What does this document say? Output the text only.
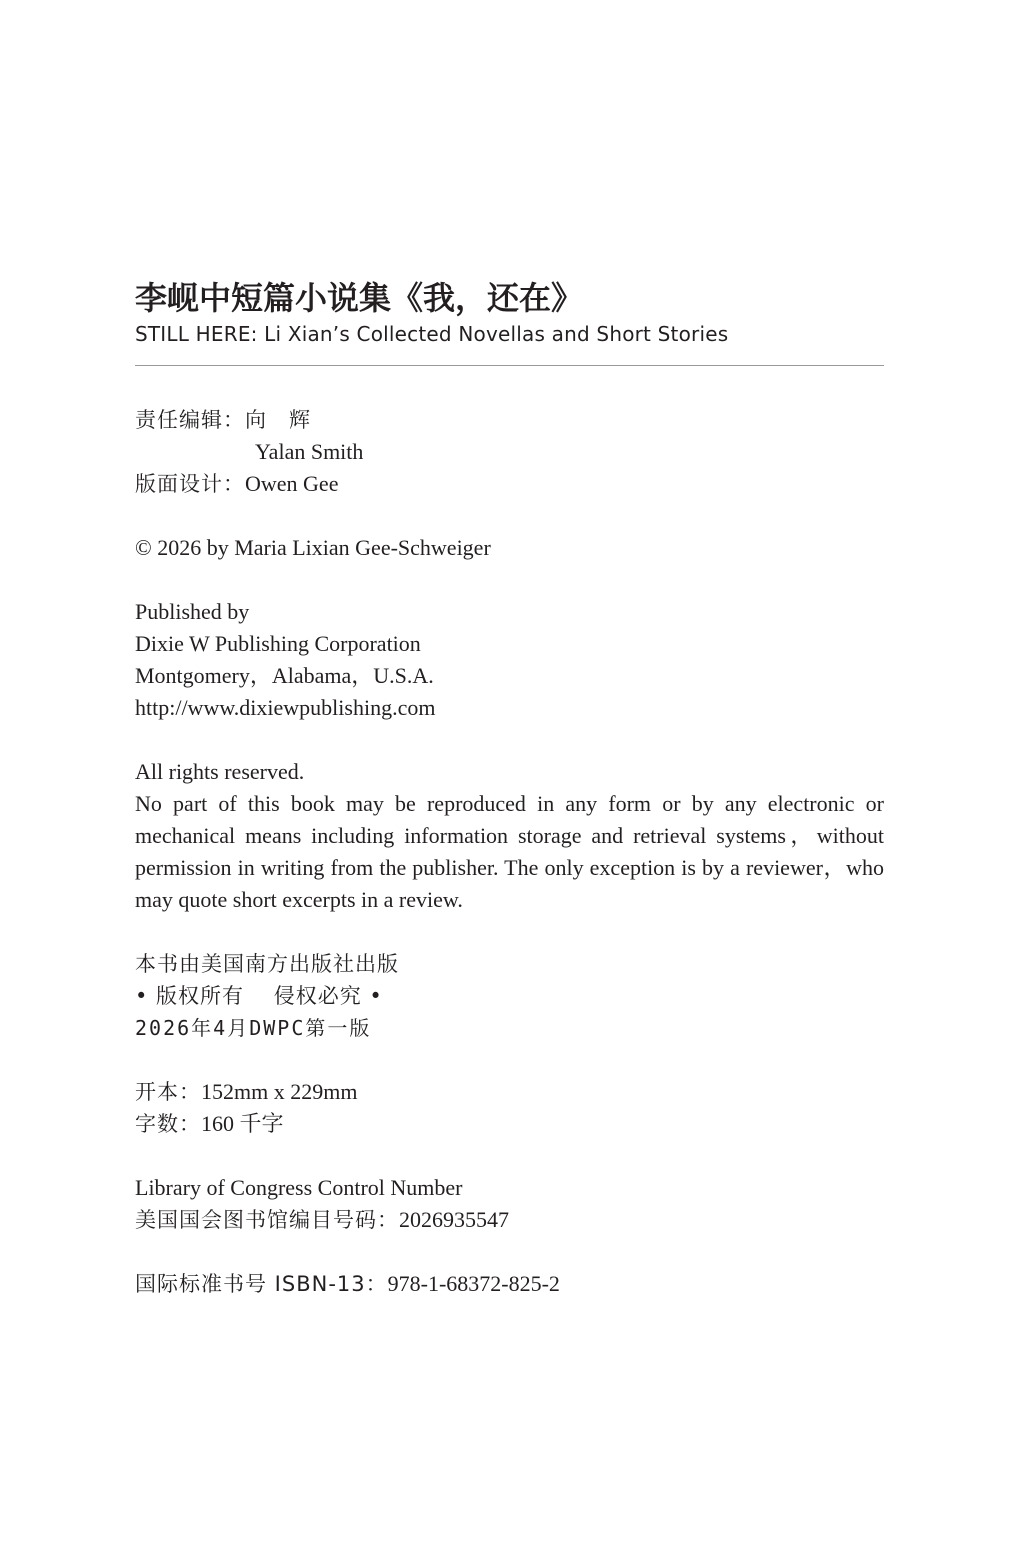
李岘中短篇小说集《我，还在》
STILL HERE: Li Xian’s Collected Novellas and Short Stories
责任编辑：向　辉
Yalan Smith
版面设计：Owen Gee
© 2026 by Maria Lixian Gee-Schweiger
Published by
Dixie W Publishing Corporation
Montgomery，Alabama，U.S.A.
http://www.dixiewpublishing.com
All rights reserved.
No part of this book may be reproduced in any form or by any electronic or mechanical means including information storage and retrieval systems，without permission in writing from the publisher. The only exception is by a reviewer，who may quote short excerpts in a review.
本书由美国南方出版社出版
• 版权所有　 侵权必究 •
2026年4月DWPC第一版
开本：152mm x 229mm
字数：160 千字
Library of Congress Control Number
美国国会图书馆编目号码：2026935547
国际标准书号 ISBN-13：978-1-68372-825-2
